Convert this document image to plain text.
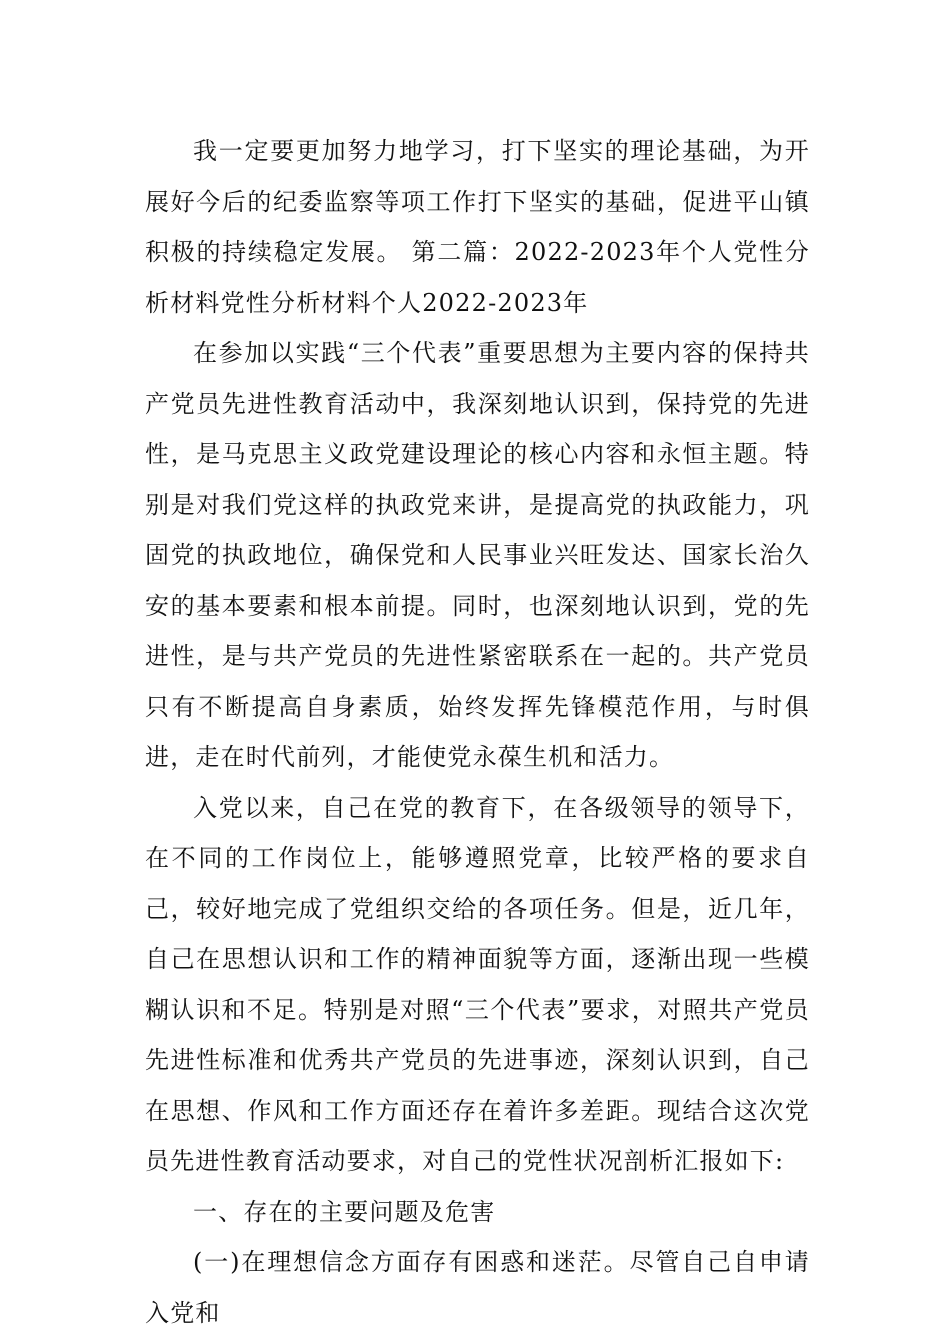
我一定要更加努力地学习，打下坚实的理论基础，为开展好今后的纪委监察等项工作打下坚实的基础，促进平山镇积极的持续稳定发展。 第二篇：2022-2023年个人党性分析材料党性分析材料个人2022-2023年

在参加以实践“三个代表”重要思想为主要内容的保持共产党员先进性教育活动中，我深刻地认识到，保持党的先进性，是马克思主义政党建设理论的核心内容和永恒主题。特别是对我们党这样的执政党来讲，是提高党的执政能力，巩固党的执政地位，确保党和人民事业兴旺发达、国家长治久安的基本要素和根本前提。同时，也深刻地认识到，党的先进性，是与共产党员的先进性紧密联系在一起的。共产党员只有不断提高自身素质，始终发挥先锋模范作用，与时俱进，走在时代前列，才能使党永葆生机和活力。

入党以来，自己在党的教育下，在各级领导的领导下，在不同的工作岗位上，能够遵照党章，比较严格的要求自己，较好地完成了党组织交给的各项任务。但是，近几年，自己在思想认识和工作的精神面貌等方面，逐渐出现一些模糊认识和不足。特别是对照“三个代表”要求，对照共产党员先进性标准和优秀共产党员的先进事迹，深刻认识到，自己在思想、作风和工作方面还存在着许多差距。现结合这次党员先进性教育活动要求，对自己的党性状况剖析汇报如下:

一、存在的主要问题及危害

(一)在理想信念方面存有困惑和迷茫。尽管自己自申请入党和
